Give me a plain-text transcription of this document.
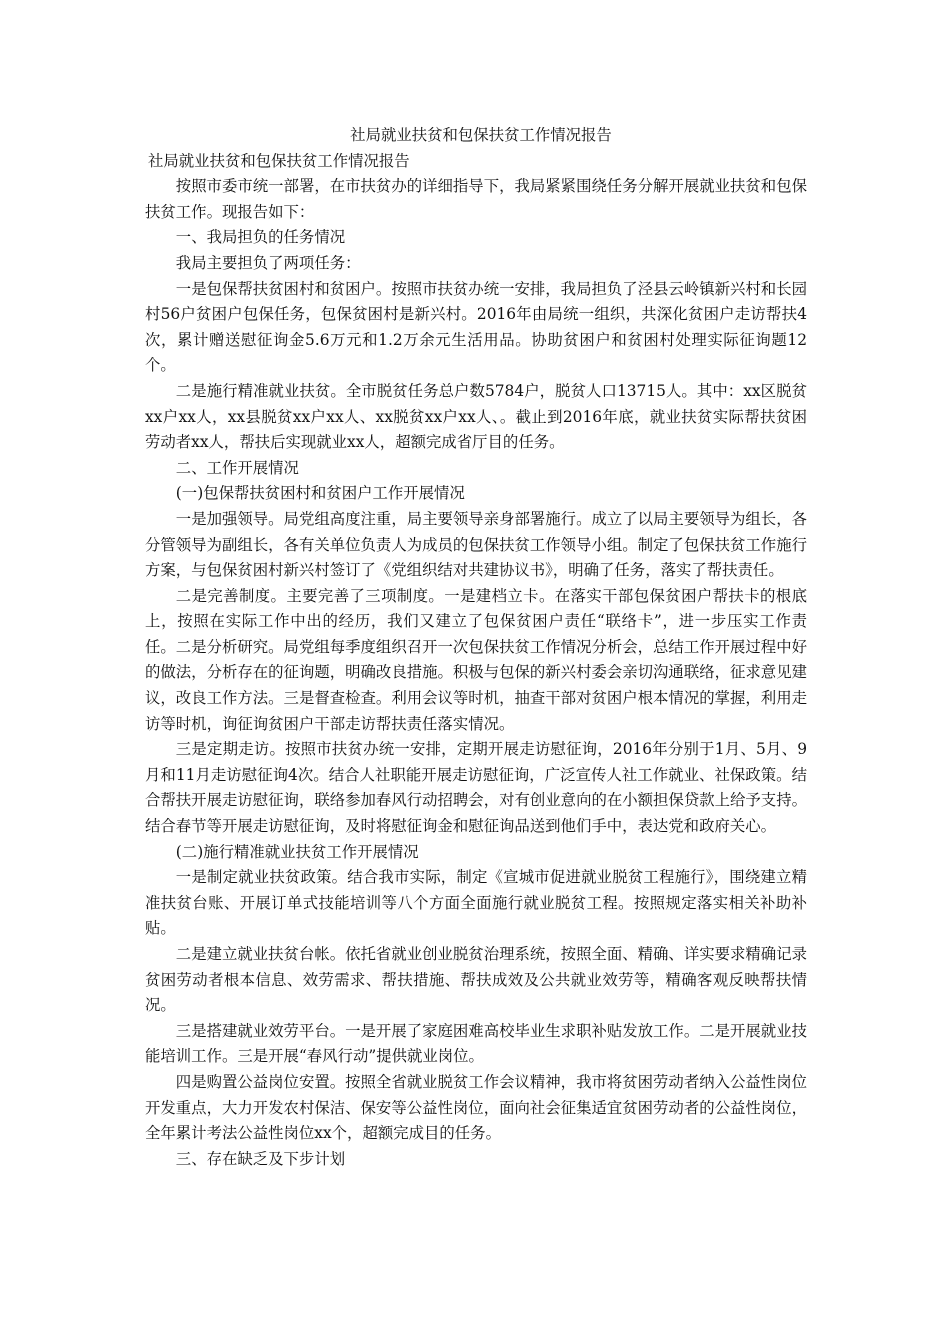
社局就业扶贫和包保扶贫工作情况报告

社局就业扶贫和包保扶贫工作情况报告

按照市委市统一部署，在市扶贫办的详细指导下，我局紧紧围绕任务分解开展就业扶贫和包保扶贫工作。现报告如下：

一、我局担负的任务情况

我局主要担负了两项任务：

一是包保帮扶贫困村和贫困户。按照市扶贫办统一安排，我局担负了泾县云岭镇新兴村和长园村56户贫困户包保任务，包保贫困村是新兴村。2016年由局统一组织，共深化贫困户走访帮扶4次，累计赠送慰征询金5.6万元和1.2万余元生活用品。协助贫困户和贫困村处理实际征询题12个。

二是施行精准就业扶贫。全市脱贫任务总户数5784户，脱贫人口13715人。其中：xx区脱贫xx户xx人，xx县脱贫xx户xx人、xx脱贫xx户xx人、。截止到2016年底，就业扶贫实际帮扶贫困劳动者xx人，帮扶后实现就业xx人，超额完成省厅目的任务。

二、工作开展情况

(一)包保帮扶贫困村和贫困户工作开展情况

一是加强领导。局党组高度注重，局主要领导亲身部署施行。成立了以局主要领导为组长，各分管领导为副组长，各有关单位负责人为成员的包保扶贫工作领导小组。制定了包保扶贫工作施行方案，与包保贫困村新兴村签订了《党组织结对共建协议书》，明确了任务，落实了帮扶责任。

二是完善制度。主要完善了三项制度。一是建档立卡。在落实干部包保贫困户帮扶卡的根底上，按照在实际工作中出的经历，我们又建立了包保贫困户责任“联络卡”，进一步压实工作责任。二是分析研究。局党组每季度组织召开一次包保扶贫工作情况分析会，总结工作开展过程中好的做法，分析存在的征询题，明确改良措施。积极与包保的新兴村委会亲切沟通联络，征求意见建议，改良工作方法。三是督查检查。利用会议等时机，抽查干部对贫困户根本情况的掌握，利用走访等时机，询征询贫困户干部走访帮扶责任落实情况。

三是定期走访。按照市扶贫办统一安排，定期开展走访慰征询，2016年分别于1月、5月、9月和11月走访慰征询4次。结合人社职能开展走访慰征询，广泛宣传人社工作就业、社保政策。结合帮扶开展走访慰征询，联络参加春风行动招聘会，对有创业意向的在小额担保贷款上给予支持。结合春节等开展走访慰征询，及时将慰征询金和慰征询品送到他们手中，表达党和政府关心。

(二)施行精准就业扶贫工作开展情况

一是制定就业扶贫政策。结合我市实际，制定《宣城市促进就业脱贫工程施行》，围绕建立精准扶贫台账、开展订单式技能培训等八个方面全面施行就业脱贫工程。按照规定落实相关补助补贴。

二是建立就业扶贫台帐。依托省就业创业脱贫治理系统，按照全面、精确、详实要求精确记录贫困劳动者根本信息、效劳需求、帮扶措施、帮扶成效及公共就业效劳等，精确客观反映帮扶情况。

三是搭建就业效劳平台。一是开展了家庭困难高校毕业生求职补贴发放工作。二是开展就业技能培训工作。三是开展“春风行动”提供就业岗位。

四是购置公益岗位安置。按照全省就业脱贫工作会议精神，我市将贫困劳动者纳入公益性岗位开发重点，大力开发农村保洁、保安等公益性岗位，面向社会征集适宜贫困劳动者的公益性岗位，全年累计考法公益性岗位xx个，超额完成目的任务。

三、存在缺乏及下步计划
